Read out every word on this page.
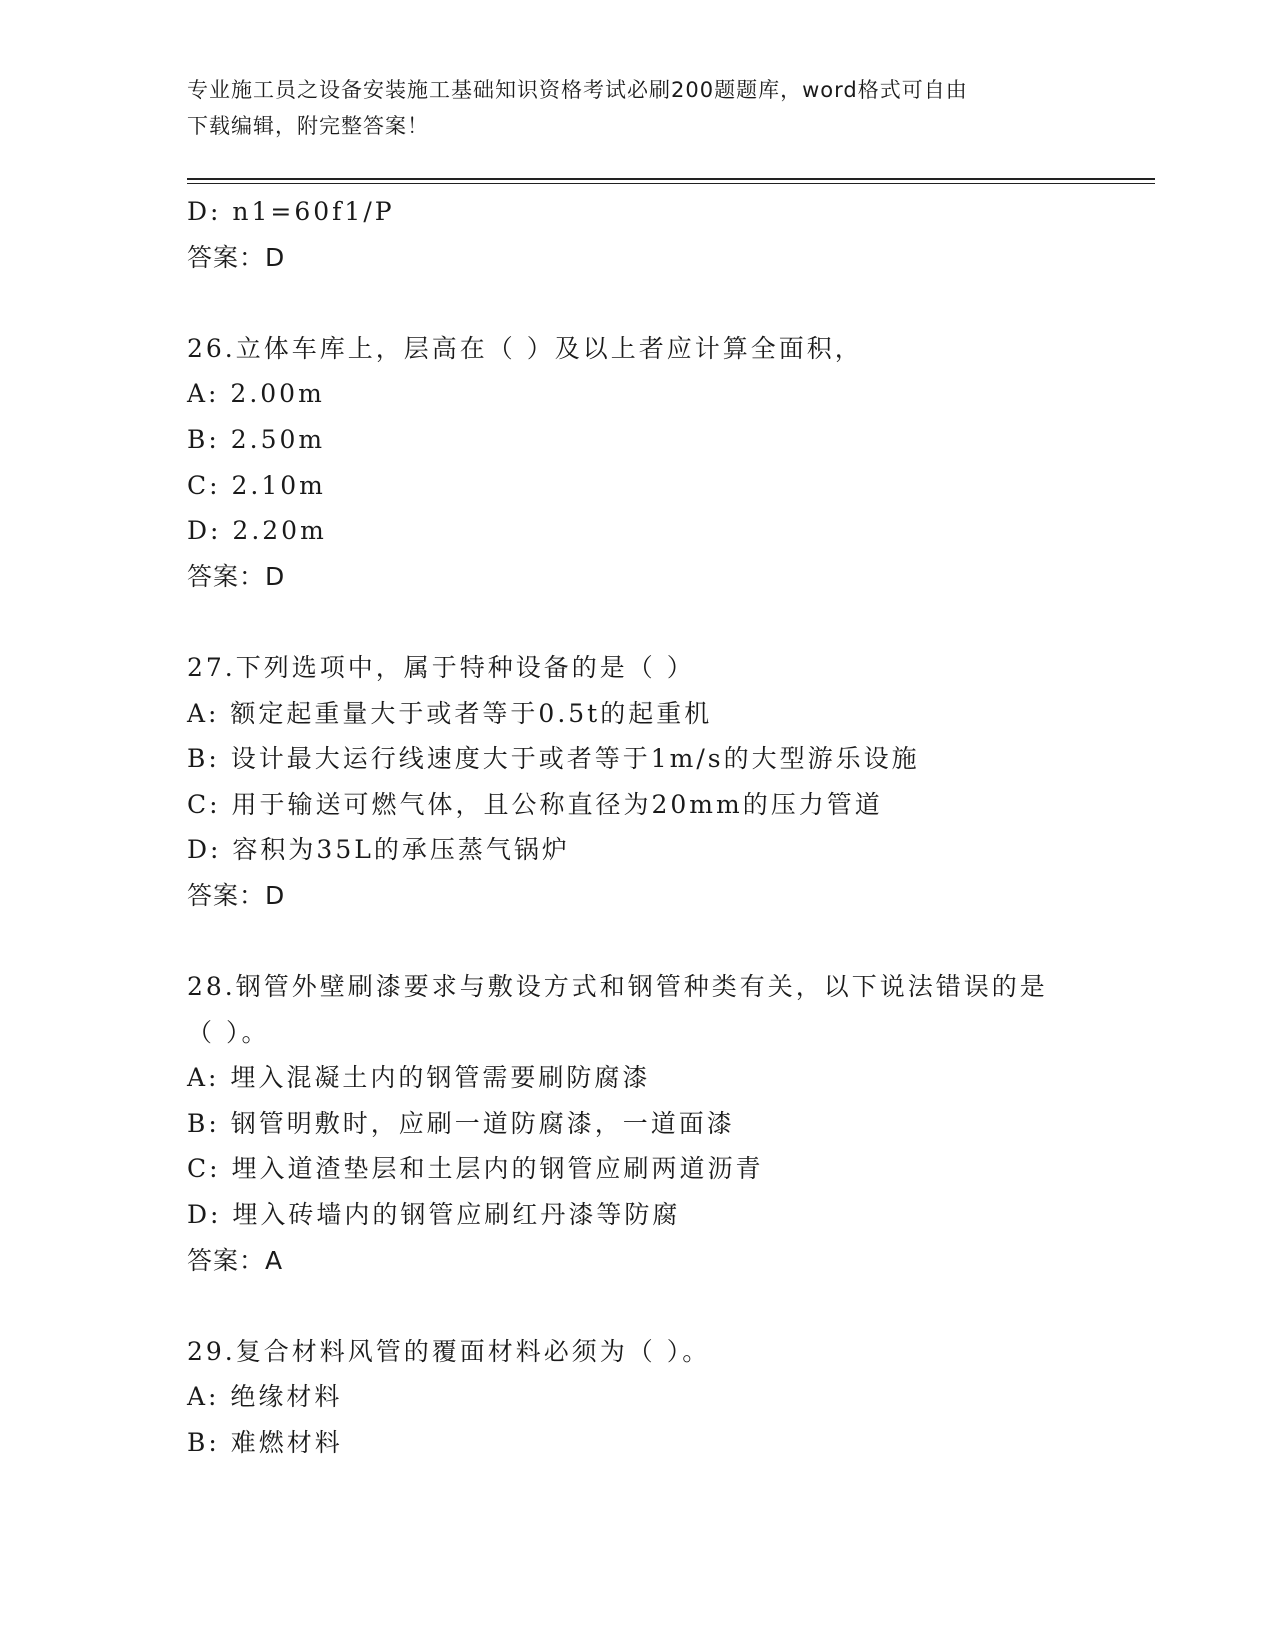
专业施工员之设备安装施工基础知识资格考试必刷200题题库，word格式可自由
下载编辑，附完整答案！
D: n1=60f1/P
答案：D
26.立体车库上，层高在（ ）及以上者应计算全面积，
A: 2.00m
B: 2.50m
C: 2.10m
D: 2.20m
答案：D
27.下列选项中，属于特种设备的是（ ）
A: 额定起重量大于或者等于0.5t的起重机
B: 设计最大运行线速度大于或者等于1m/s的大型游乐设施
C: 用于输送可燃气体，且公称直径为20mm的压力管道
D: 容积为35L的承压蒸气锅炉
答案：D
28.钢管外壁刷漆要求与敷设方式和钢管种类有关，以下说法错误的是
（ ）。
A: 埋入混凝土内的钢管需要刷防腐漆
B: 钢管明敷时，应刷一道防腐漆，一道面漆
C: 埋入道渣垫层和土层内的钢管应刷两道沥青
D: 埋入砖墙内的钢管应刷红丹漆等防腐
答案：A
29.复合材料风管的覆面材料必须为（ ）。
A: 绝缘材料
B: 难燃材料
